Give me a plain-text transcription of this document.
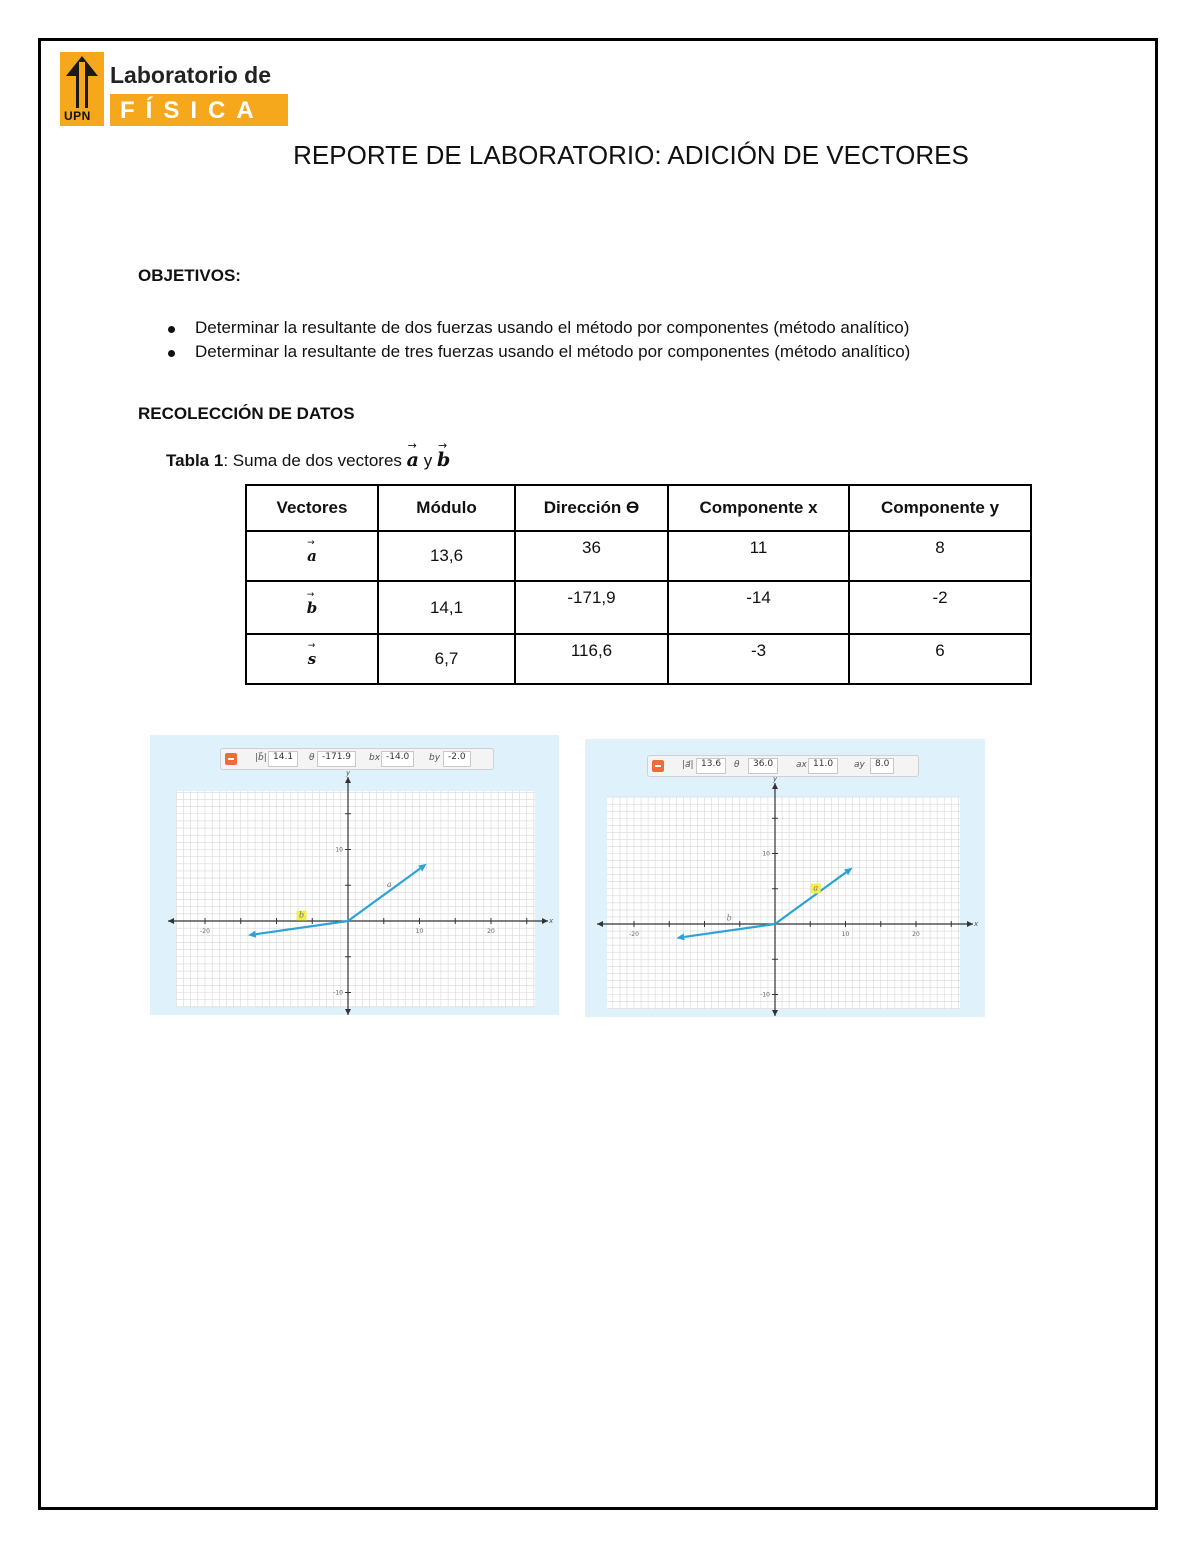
UPN
Laboratorio de
FÍSICA
REPORTE DE LABORATORIO: ADICIÓN DE VECTORES
OBJETIVOS:
Determinar la resultante de dos fuerzas usando el método por componentes (método analítico)
Determinar la resultante de tres fuerzas usando el método por componentes (método analítico)
RECOLECCIÓN DE DATOS
Tabla 1: Suma de dos vectores → a y → b
Vectores	Módulo	Dirección ϴ	Componente x	Componente y
→ a	13,6	36	11	8

→ b	14,1	-171,9	-14	-2

→ s	6,7	116,6	-3	6
|b⃗| 14.1	θ -171.9	bx -14.0	by -2.0
-20	10	20
10
-10
x
y
a
b
|a⃗| 13.6	θ	36.0	ax 11.0	ay	8.0
-20	10	20
10
-10
x
y
a
b
